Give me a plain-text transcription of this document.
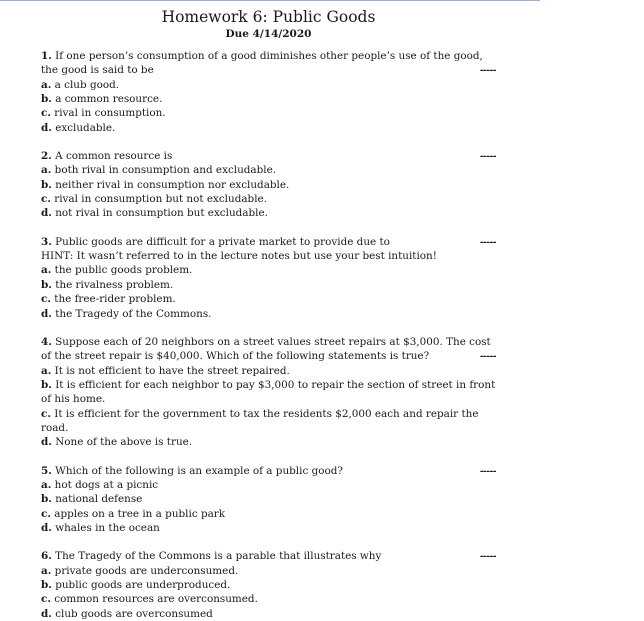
Homework 6: Public Goods
Due 4/14/2020

1. If one person’s consumption of a good diminishes other people’s use of the good, the good is said to be	-----

a. a club good.

b. a common resource.

c. rival in consumption.

d. excludable.

2. A common resource is	-----

a. both rival in consumption and excludable.

b. neither rival in consumption nor excludable.

c. rival in consumption but not excludable.

d. not rival in consumption but excludable.

3. Public goods are difficult for a private market to provide due to	-----

HINT: It wasn’t referred to in the lecture notes but use your best intuition!

a. the public goods problem.

b. the rivalness problem.

c. the free-rider problem.

d. the Tragedy of the Commons.

4. Suppose each of 20 neighbors on a street values street repairs at $3,000. The cost of the street repair is $40,000. Which of the following statements is true?	-----

a. It is not efficient to have the street repaired.

b. It is efficient for each neighbor to pay $3,000 to repair the section of street in front of his home.

c. It is efficient for the government to tax the residents $2,000 each and repair the road.

d. None of the above is true.

5. Which of the following is an example of a public good?	-----

a. hot dogs at a picnic

b. national defense

c. apples on a tree in a public park

d. whales in the ocean

6. The Tragedy of the Commons is a parable that illustrates why	-----

a. private goods are underconsumed.

b. public goods are underproduced.

c. common resources are overconsumed.

d. club goods are overconsumed
